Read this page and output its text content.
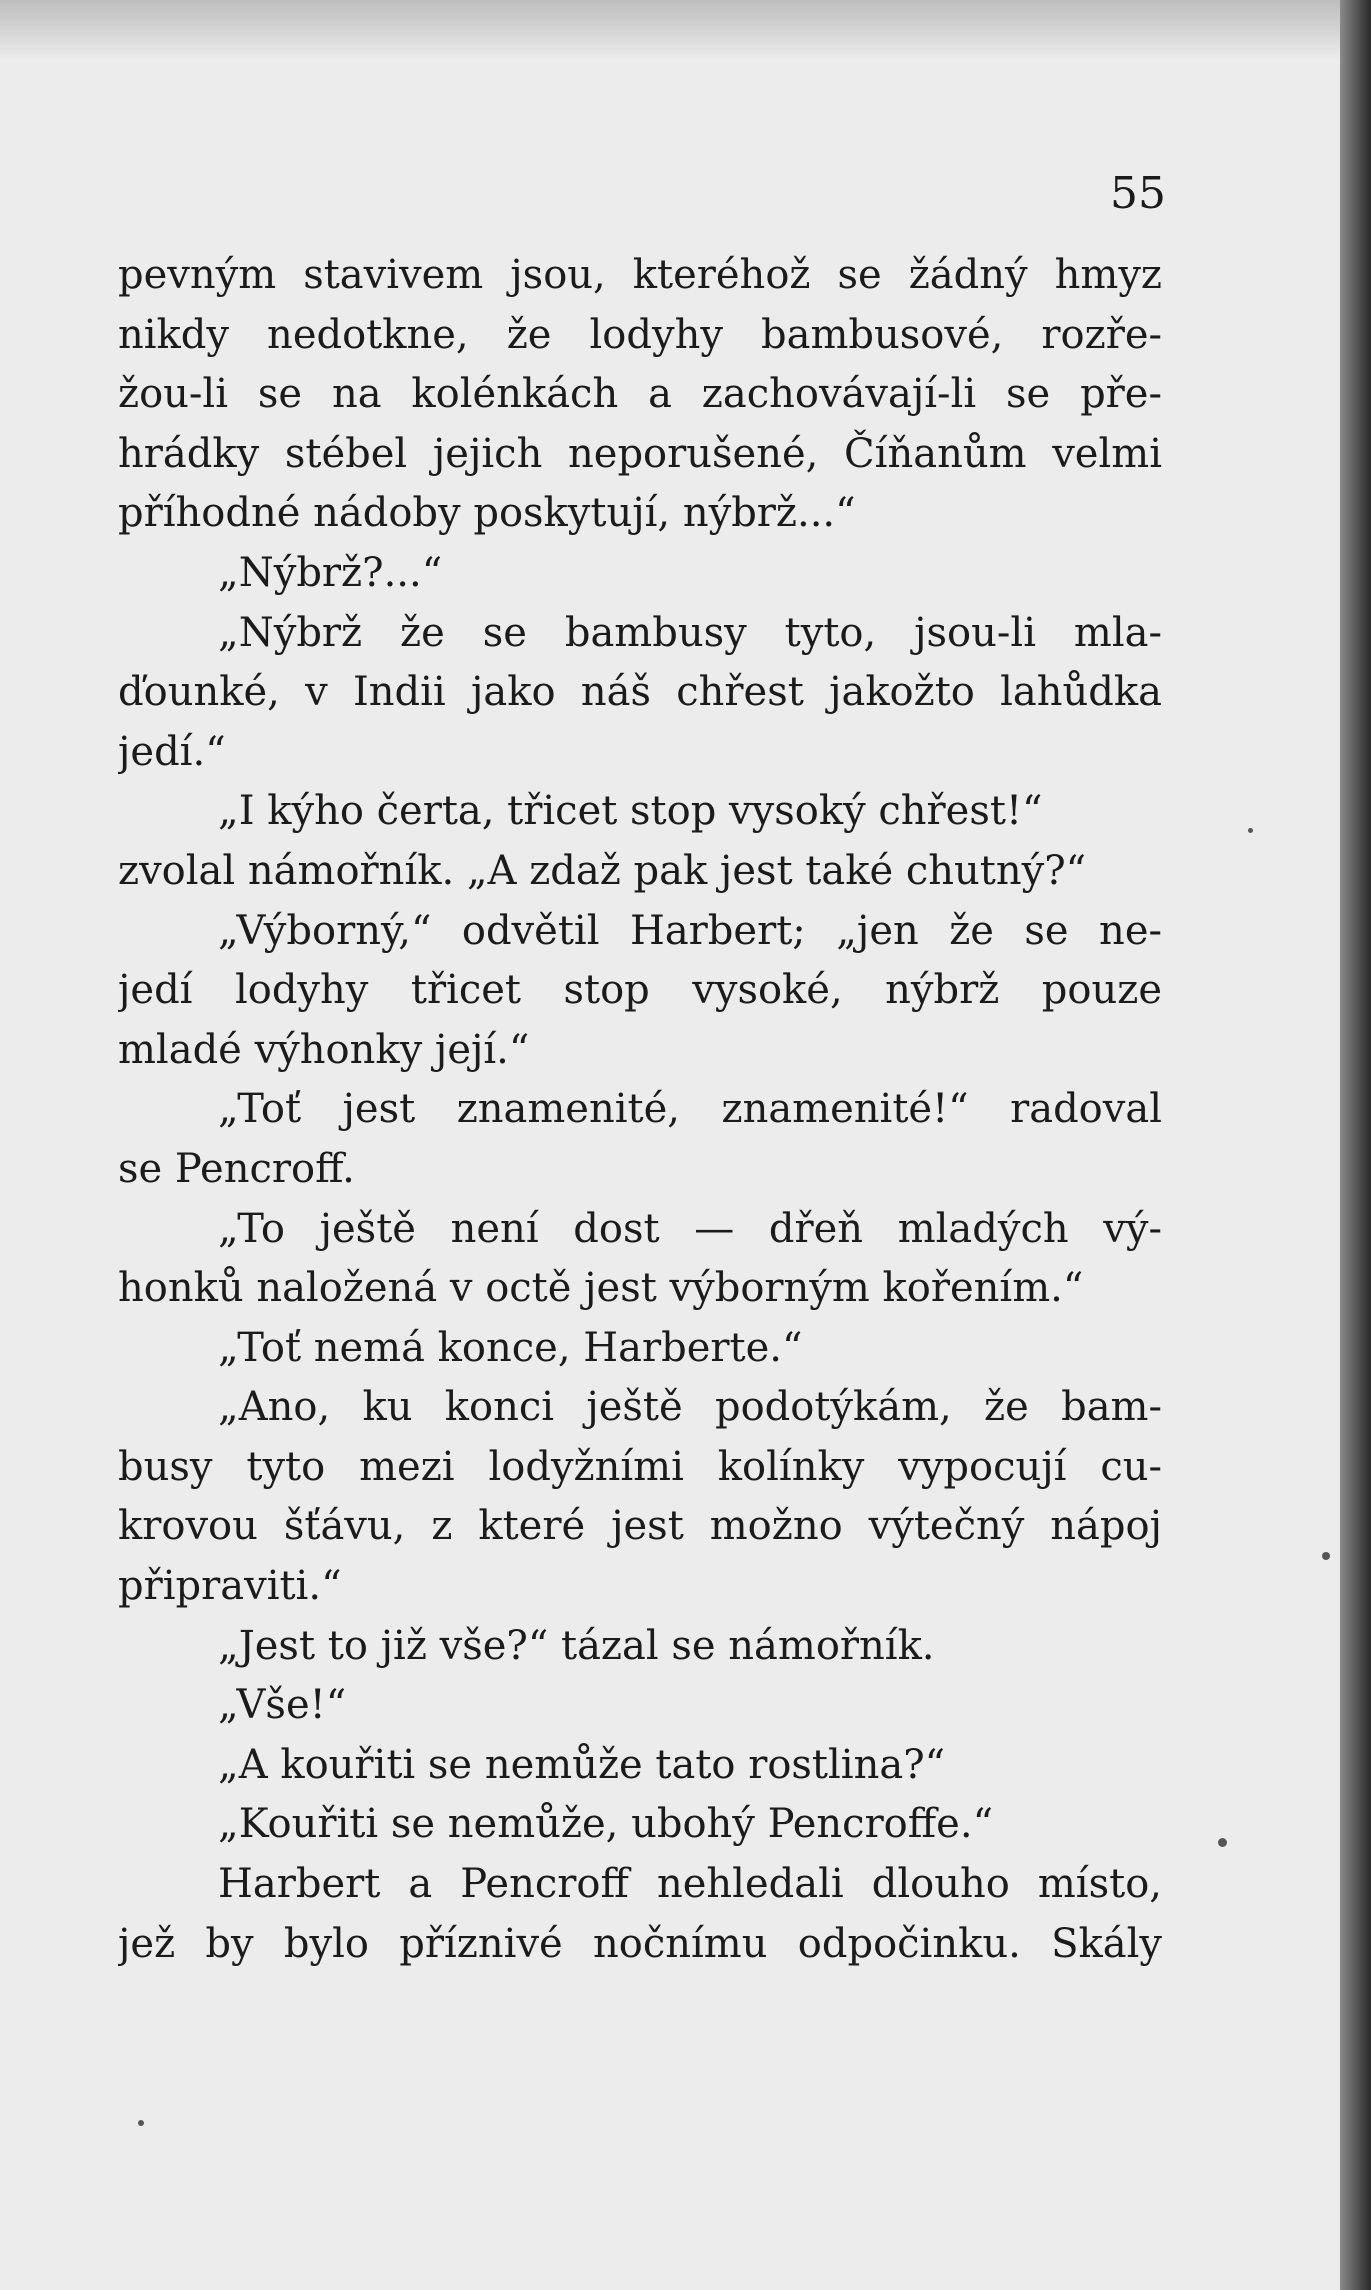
55
pevným stavivem jsou, kteréhož se žádný hmyz
nikdy nedotkne, že lodyhy bambusové, rozře-
žou-li se na kolénkách a zachovávají-li se pře-
hrádky stébel jejich neporušené, Číňanům velmi
příhodné nádoby poskytují, nýbrž...“
„Nýbrž?...“
„Nýbrž že se bambusy tyto, jsou-li mla-
ďounké, v Indii jako náš chřest jakožto lahůdka
jedí.“
„I kýho čerta, třicet stop vysoký chřest!“
zvolal námořník. „A zdaž pak jest také chutný?“
„Výborný,“ odvětil Harbert; „jen že se ne-
jedí lodyhy třicet stop vysoké, nýbrž pouze
mladé výhonky její.“
„Toť jest znamenité, znamenité!“ radoval
se Pencroff.
„To ještě není dost — dřeň mladých vý-
honků naložená v octě jest výborným kořením.“
„Toť nemá konce, Harberte.“
„Ano, ku konci ještě podotýkám, že bam-
busy tyto mezi lodyžními kolínky vypocují cu-
krovou šťávu, z které jest možno výtečný nápoj
připraviti.“
„Jest to již vše?“ tázal se námořník.
„Vše!“
„A kouřiti se nemůže tato rostlina?“
„Kouřiti se nemůže, ubohý Pencroffe.“
Harbert a Pencroff nehledali dlouho místo,
jež by bylo příznivé nočnímu odpočinku. Skály
